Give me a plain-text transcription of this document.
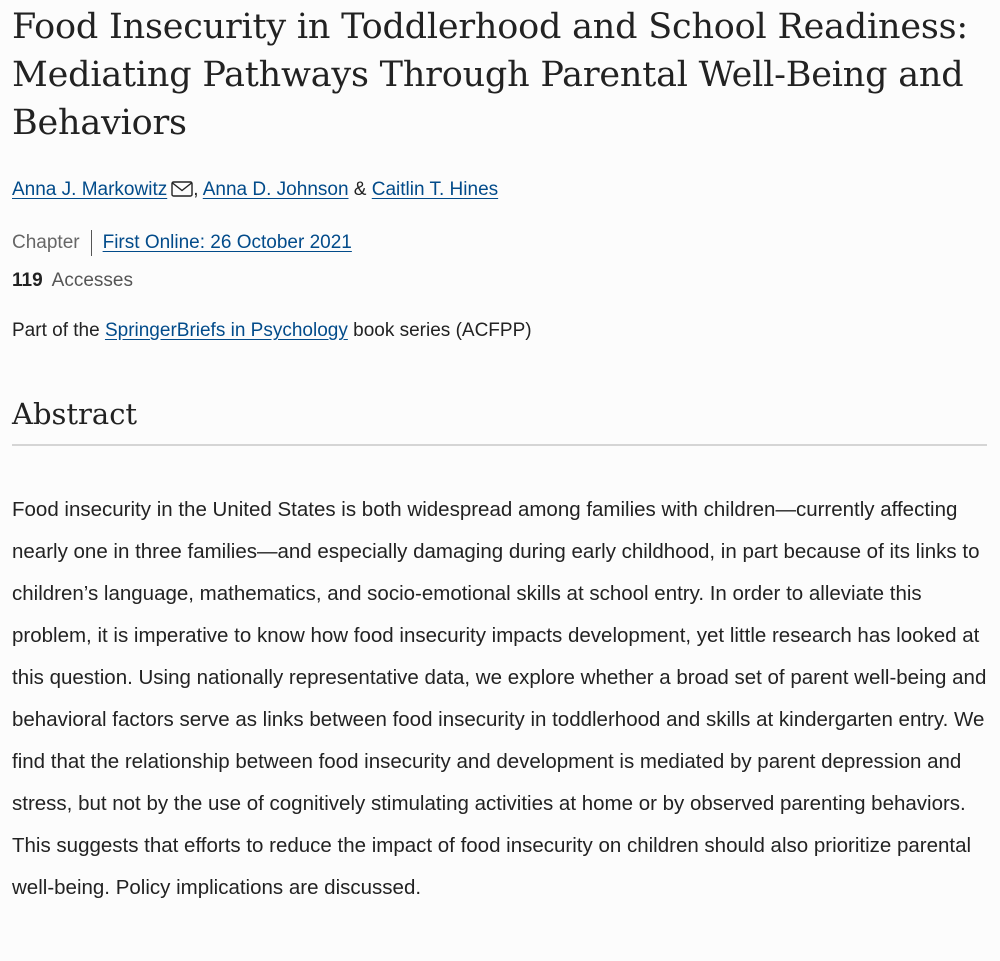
Food Insecurity in Toddlerhood and School Readiness: Mediating Pathways Through Parental Well-Being and Behaviors
Anna J. Markowitz , Anna D. Johnson & Caitlin T. Hines
Chapter	First Online: 26 October 2021
119 Accesses
Part of the SpringerBriefs in Psychology book series (ACFPP)
Abstract

Food insecurity in the United States is both widespread among families with children—currently affecting nearly one in three families—and especially damaging during early childhood, in part because of its links to children’s language, mathematics, and socio-emotional skills at school entry. In order to alleviate this problem, it is imperative to know how food insecurity impacts development, yet little research has looked at this question. Using nationally representative data, we explore whether a broad set of parent well-being and behavioral factors serve as links between food insecurity in toddlerhood and skills at kindergarten entry. We find that the relationship between food insecurity and development is mediated by parent depression and stress, but not by the use of cognitively stimulating activities at home or by observed parenting behaviors. This suggests that efforts to reduce the impact of food insecurity on children should also prioritize parental well-being. Policy implications are discussed.
